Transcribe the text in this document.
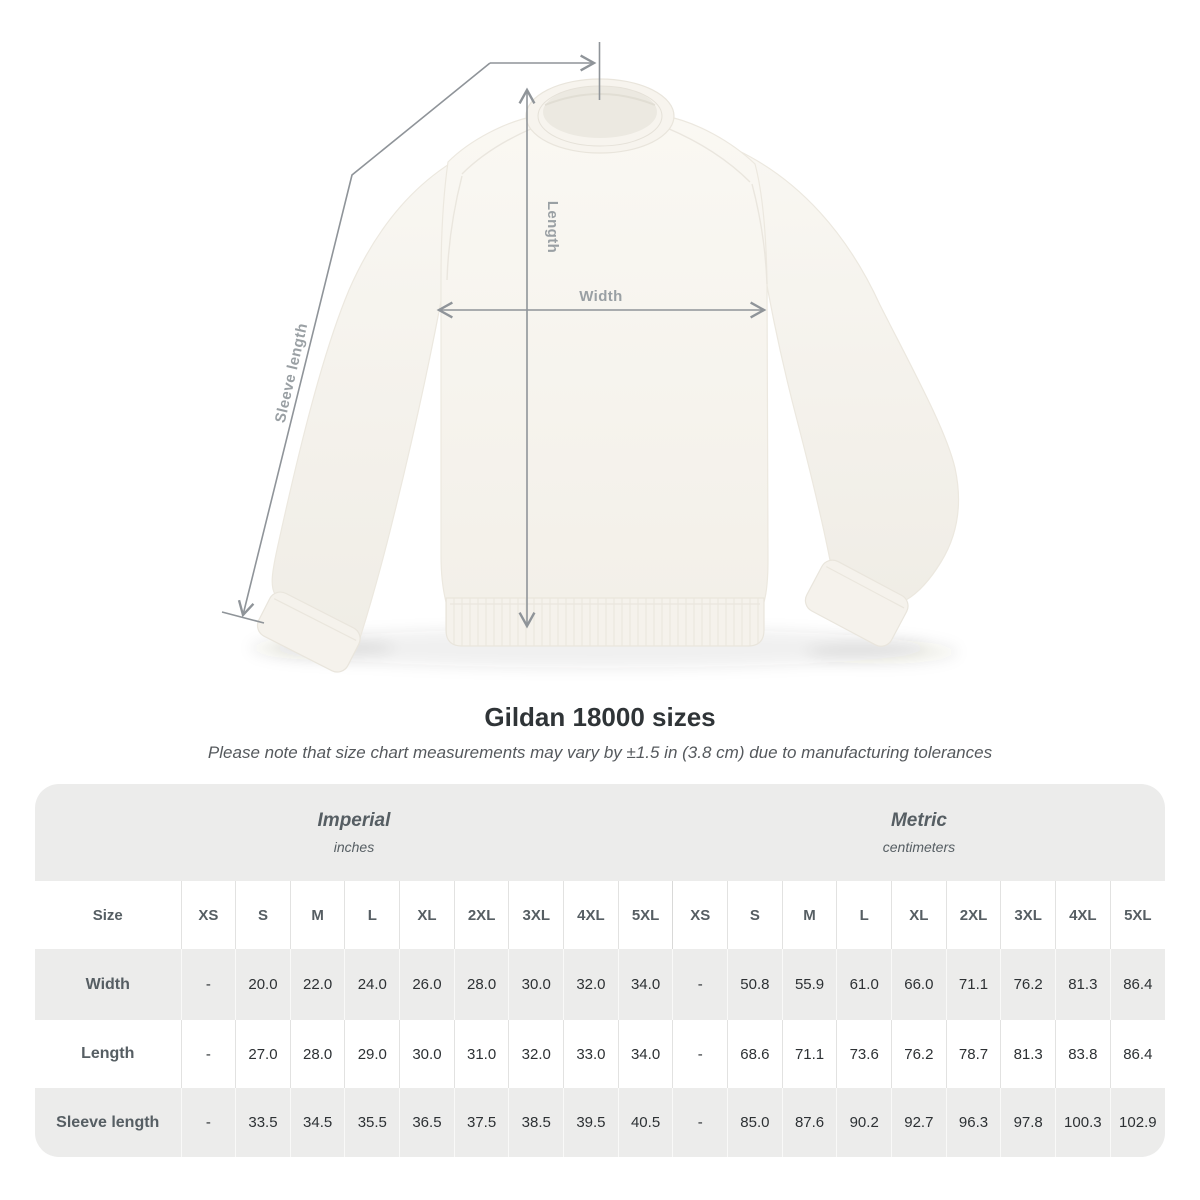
Sleeve length
Length
Width
Gildan 18000 sizes

Please note that size chart measurements may vary by ±1.5 in (3.8 cm) due to manufacturing tolerances

Imperial
inches

Metric
centimeters

Size	XS	S	M	L	XL	2XL	3XL	4XL	5XL	XS	S	M	L	XL	2XL	3XL	4XL	5XL
Width	-	20.0	22.0	24.0	26.0	28.0	30.0	32.0	34.0	-	50.8	55.9	61.0	66.0	71.1	76.2	81.3	86.4
Length	-	27.0	28.0	29.0	30.0	31.0	32.0	33.0	34.0	-	68.6	71.1	73.6	76.2	78.7	81.3	83.8	86.4
Sleeve length	-	33.5	34.5	35.5	36.5	37.5	38.5	39.5	40.5	-	85.0	87.6	90.2	92.7	96.3	97.8	100.3	102.9
